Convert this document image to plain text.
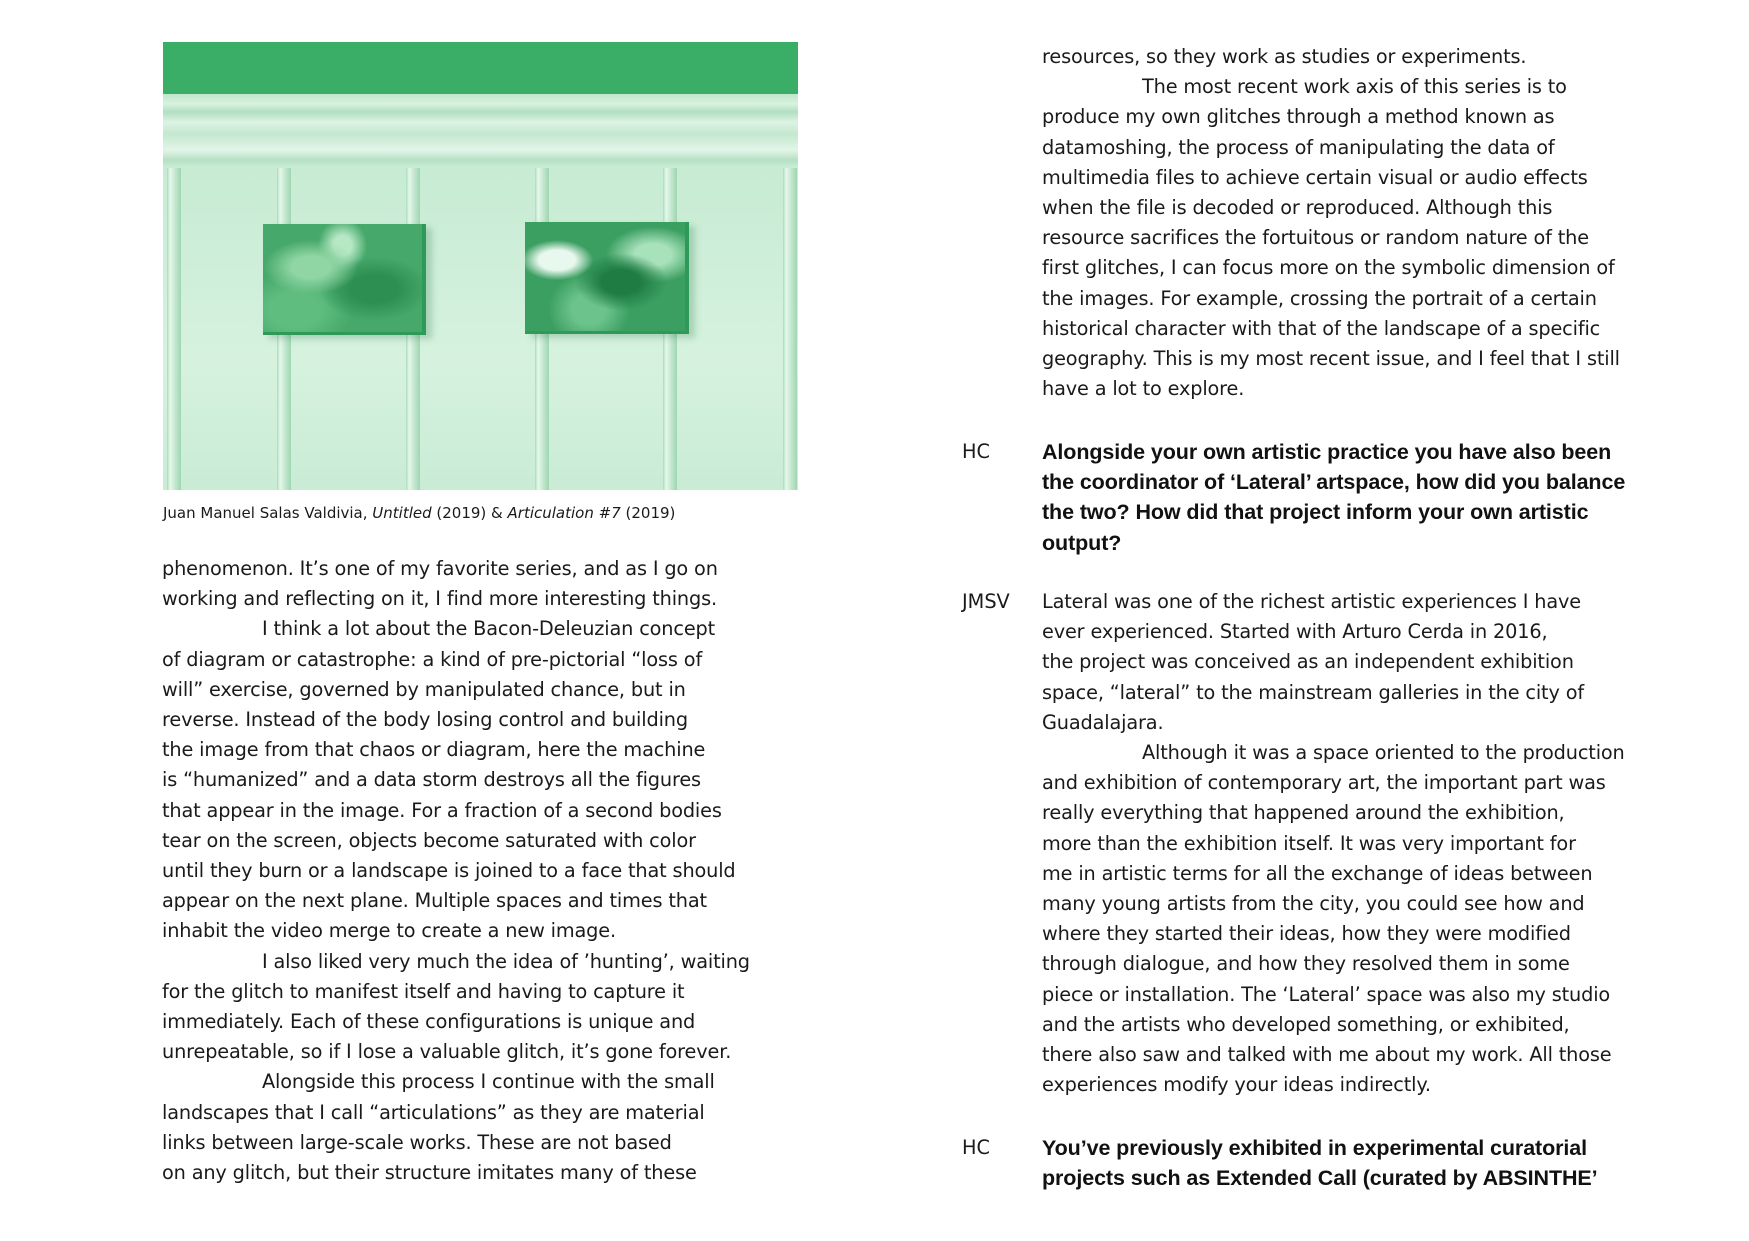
Juan Manuel Salas Valdivia, Untitled (2019) & Articulation #7 (2019)
phenomenon. It’s one of my favorite series, and as I go on
working and reflecting on it, I find more interesting things.
I think a lot about the Bacon-Deleuzian concept
of diagram or catastrophe: a kind of pre-pictorial “loss of
will” exercise, governed by manipulated chance, but in
reverse. Instead of the body losing control and building
the image from that chaos or diagram, here the machine
is “humanized” and a data storm destroys all the figures
that appear in the image. For a fraction of a second bodies
tear on the screen, objects become saturated with color
until they burn or a landscape is joined to a face that should
appear on the next plane. Multiple spaces and times that
inhabit the video merge to create a new image.
I also liked very much the idea of ’hunting’, waiting
for the glitch to manifest itself and having to capture it
immediately. Each of these configurations is unique and
unrepeatable, so if I lose a valuable glitch, it’s gone forever.
Alongside this process I continue with the small
landscapes that I call “articulations” as they are material
links between large-scale works. These are not based
on any glitch, but their structure imitates many of these
resources, so they work as studies or experiments.
The most recent work axis of this series is to
produce my own glitches through a method known as
datamoshing, the process of manipulating the data of
multimedia files to achieve certain visual or audio effects
when the file is decoded or reproduced. Although this
resource sacrifices the fortuitous or random nature of the
first glitches, I can focus more on the symbolic dimension of
the images. For example, crossing the portrait of a certain
historical character with that of the landscape of a specific
geography. This is my most recent issue, and I feel that I still
have a lot to explore.
HC	Alongside your own artistic practice you have also been
the coordinator of ‘Lateral’ artspace, how did you balance
the two? How did that project inform your own artistic
output?
JMSV	Lateral was one of the richest artistic experiences I have
ever experienced. Started with Arturo Cerda in 2016,
the project was conceived as an independent exhibition
space, “lateral” to the mainstream galleries in the city of
Guadalajara.
Although it was a space oriented to the production
and exhibition of contemporary art, the important part was
really everything that happened around the exhibition,
more than the exhibition itself. It was very important for
me in artistic terms for all the exchange of ideas between
many young artists from the city, you could see how and
where they started their ideas, how they were modified
through dialogue, and how they resolved them in some
piece or installation. The ‘Lateral’ space was also my studio
and the artists who developed something, or exhibited,
there also saw and talked with me about my work. All those
experiences modify your ideas indirectly.
HC	You’ve previously exhibited in experimental curatorial
projects such as Extended Call (curated by ABSINTHE’
